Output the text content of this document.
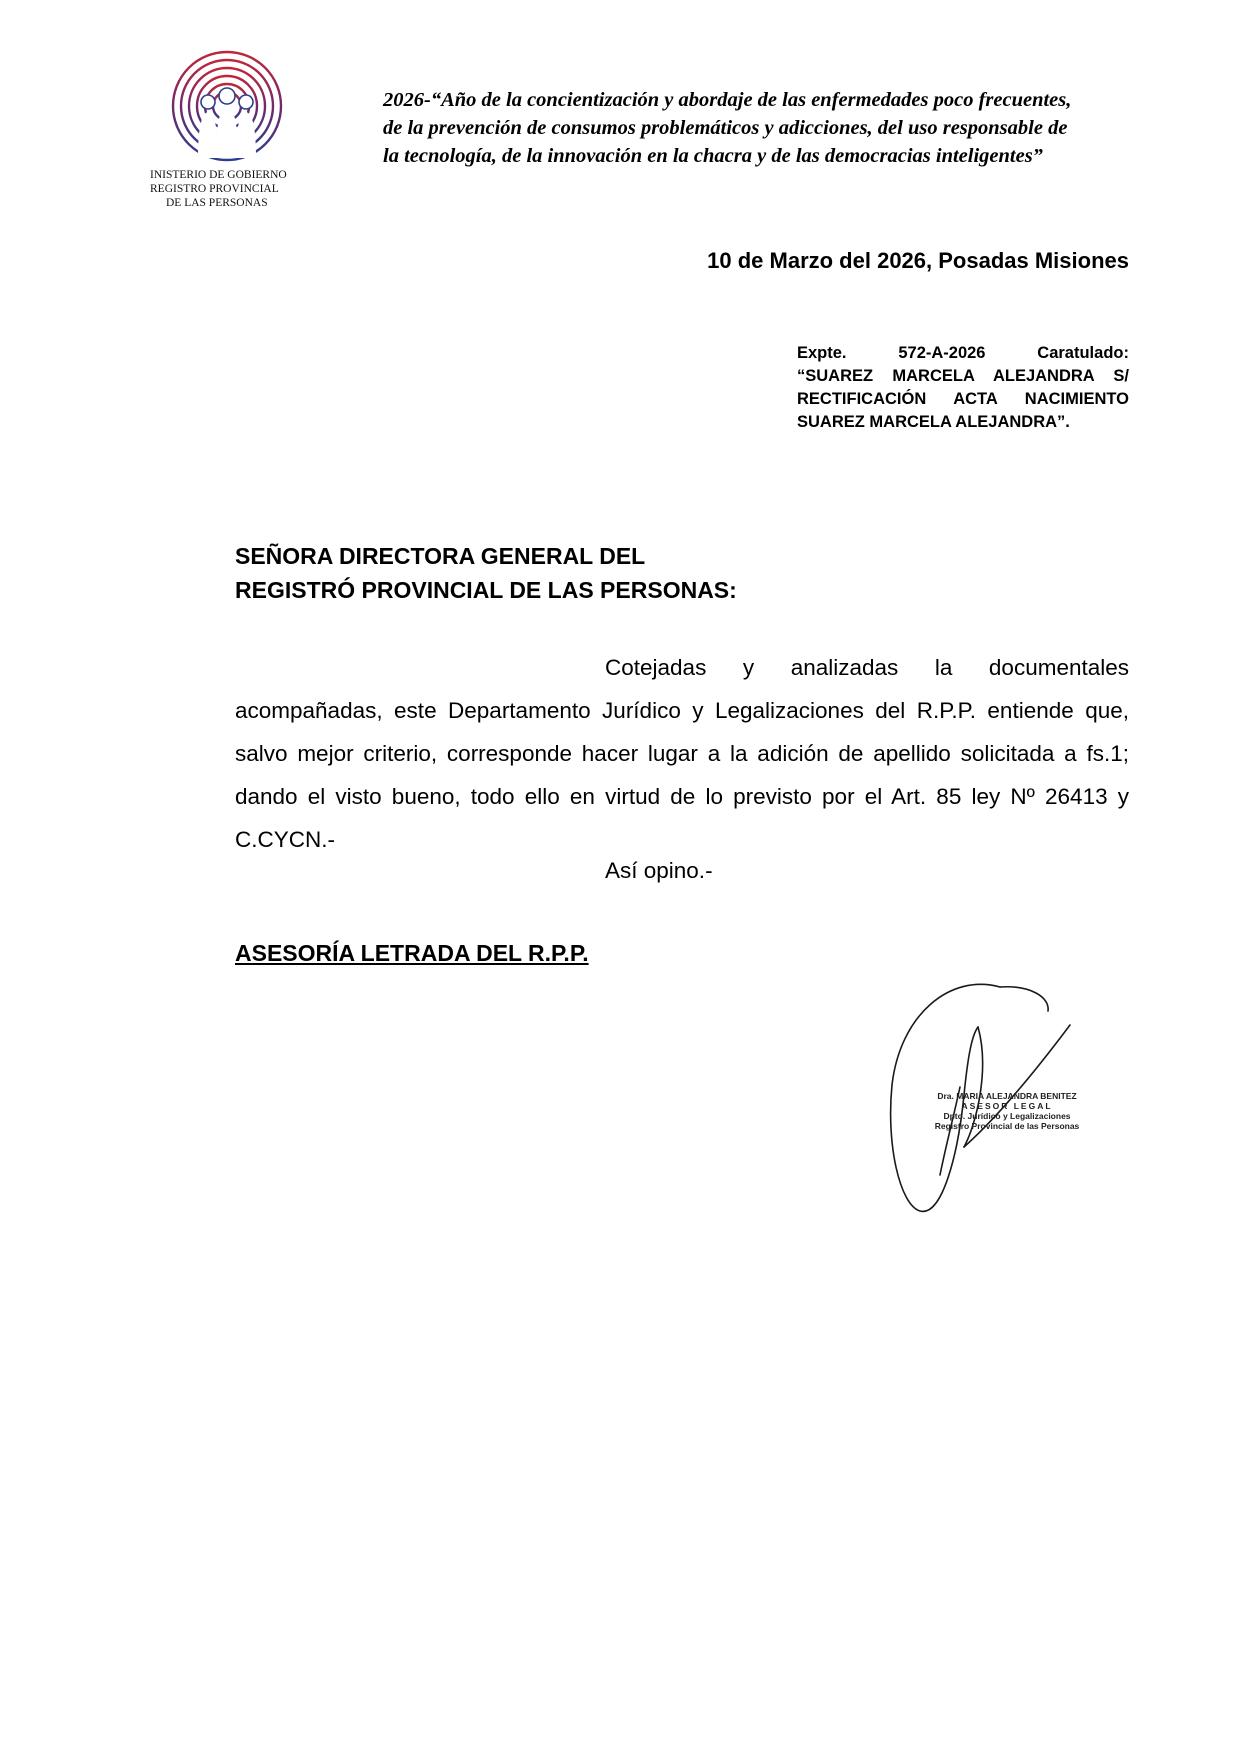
INISTERIO DE GOBIERNO
REGISTRO PROVINCIAL
DE LAS PERSONAS
2026-“Año de la concientización y abordaje de las enfermedades poco frecuentes,
de la prevención de consumos problemáticos y adicciones, del uso responsable de
la tecnología, de la innovación en la chacra y de las democracias inteligentes”
10 de Marzo del 2026, Posadas Misiones
Expte.	572-A-2026	Caratulado:
“SUAREZ MARCELA ALEJANDRA S/
RECTIFICACIÓN ACTA NACIMIENTO
SUAREZ MARCELA ALEJANDRA”.
SEÑORA DIRECTORA GENERAL DEL
REGISTRÓ PROVINCIAL DE LAS PERSONAS:
Cotejadas y analizadas la documentales acompañadas, este Departamento Jurídico y Legalizaciones del R.P.P. entiende que, salvo mejor criterio, corresponde hacer lugar a la adición de apellido solicitada a fs.1; dando el visto bueno, todo ello en virtud de lo previsto por el Art. 85 ley Nº 26413 y C.CYCN.-
Así opino.-
ASESORÍA LETRADA DEL R.P.P.
Dra. MARIA ALEJANDRA BENITEZ
ASESOR LEGAL
Dpto. Jurídico y Legalizaciones
Registro Provincial de las Personas
